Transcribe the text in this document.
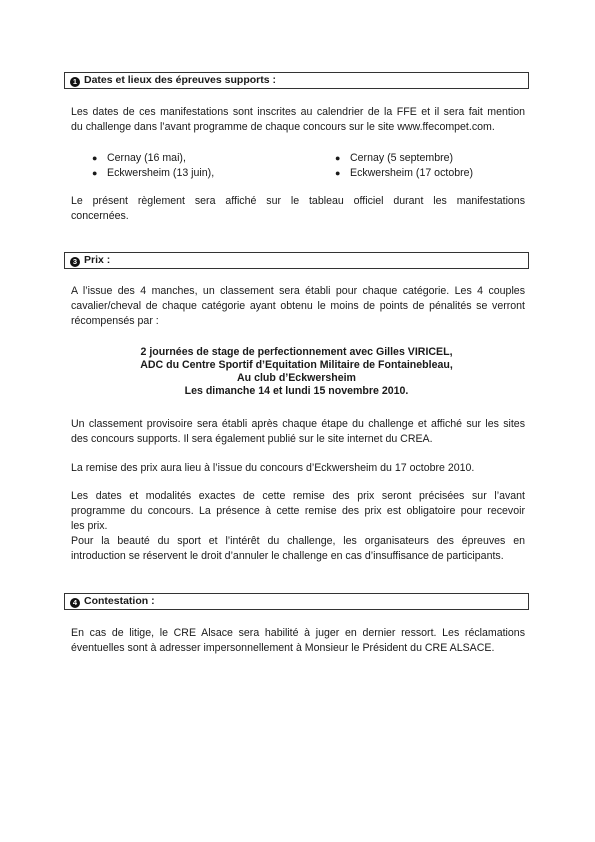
1 Dates et lieux des épreuves supports :
Les dates de ces manifestations sont inscrites au calendrier de la FFE et il sera fait mention
du challenge dans l’avant programme de chaque concours sur le site www.ffecompet.com.
● Cernay (16 mai),
● Eckwersheim (13 juin),
● Cernay (5 septembre)
● Eckwersheim (17 octobre)
Le présent règlement sera affiché sur le tableau officiel durant les manifestations
concernées.
3 Prix :
A l’issue des 4 manches, un classement sera établi pour chaque catégorie. Les 4 couples
cavalier/cheval de chaque catégorie ayant obtenu le moins de points de pénalités se verront
récompensés par :
2 journées de stage de perfectionnement avec Gilles VIRICEL,
ADC du Centre Sportif d’Equitation Militaire de Fontainebleau,
Au club d’Eckwersheim
Les dimanche 14 et lundi 15 novembre 2010.
Un classement provisoire sera établi après chaque étape du challenge et affiché sur les sites
des concours supports. Il sera également publié sur le site internet du CREA.
La remise des prix aura lieu à l’issue du concours d’Eckwersheim du 17 octobre 2010.
Les dates et modalités exactes de cette remise des prix seront précisées sur l’avant
programme du concours. La présence à cette remise des prix est obligatoire pour recevoir
les prix.
Pour la beauté du sport et l’intérêt du challenge, les organisateurs des épreuves en
introduction se réservent le droit d’annuler le challenge en cas d’insuffisance de participants.
4 Contestation :
En cas de litige, le CRE Alsace sera habilité à juger en dernier ressort. Les réclamations
éventuelles sont à adresser impersonnellement à Monsieur le Président du CRE ALSACE.
